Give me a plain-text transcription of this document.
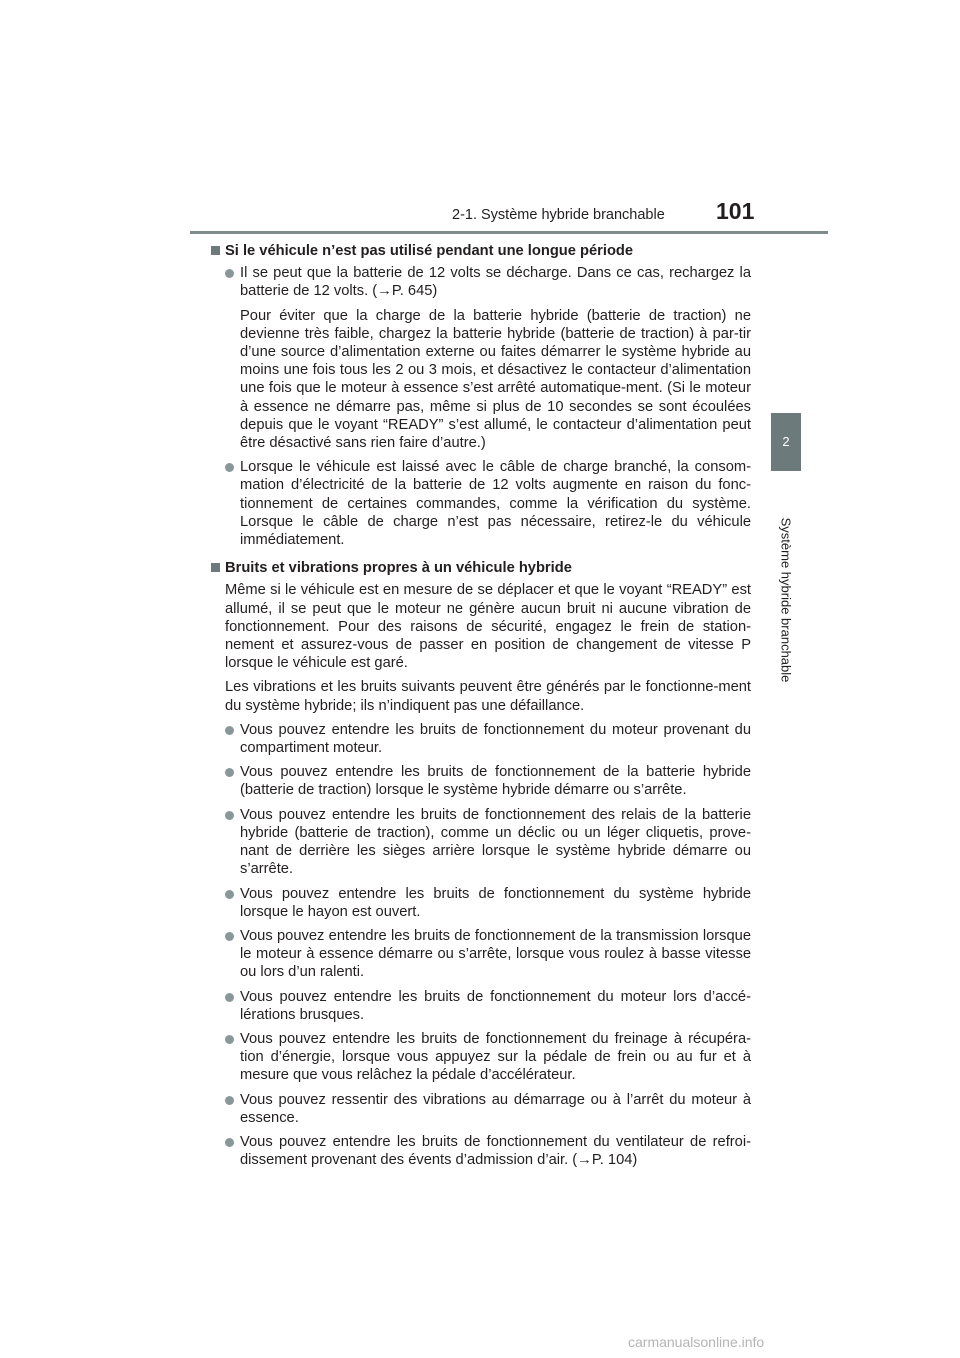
2-1. Système hybride branchable 101
2
Système hybride branchable
Si le véhicule n’est pas utilisé pendant une longue période
Il se peut que la batterie de 12 volts se décharge. Dans ce cas, rechargez la batterie de 12 volts. (→P. 645)
Pour éviter que la charge de la batterie hybride (batterie de traction) ne devienne très faible, chargez la batterie hybride (batterie de traction) à par-tir d’une source d’alimentation externe ou faites démarrer le système hybride au moins une fois tous les 2 ou 3 mois, et désactivez le contacteur d’alimentation une fois que le moteur à essence s’est arrêté automatique-ment. (Si le moteur à essence ne démarre pas, même si plus de 10 secondes se sont écoulées depuis que le voyant “READY” s’est allumé, le contacteur d’alimentation peut être désactivé sans rien faire d’autre.)
Lorsque le véhicule est laissé avec le câble de charge branché, la consom-mation d’électricité de la batterie de 12 volts augmente en raison du fonc-tionnement de certaines commandes, comme la vérification du système. Lorsque le câble de charge n’est pas nécessaire, retirez-le du véhicule immédiatement.
Bruits et vibrations propres à un véhicule hybride
Même si le véhicule est en mesure de se déplacer et que le voyant “READY” est allumé, il se peut que le moteur ne génère aucun bruit ni aucune vibration de fonctionnement. Pour des raisons de sécurité, engagez le frein de station-nement et assurez-vous de passer en position de changement de vitesse P lorsque le véhicule est garé.
Les vibrations et les bruits suivants peuvent être générés par le fonctionne-ment du système hybride; ils n’indiquent pas une défaillance.
Vous pouvez entendre les bruits de fonctionnement du moteur provenant du compartiment moteur.
Vous pouvez entendre les bruits de fonctionnement de la batterie hybride (batterie de traction) lorsque le système hybride démarre ou s’arrête.
Vous pouvez entendre les bruits de fonctionnement des relais de la batterie hybride (batterie de traction), comme un déclic ou un léger cliquetis, prove-nant de derrière les sièges arrière lorsque le système hybride démarre ou s’arrête.
Vous pouvez entendre les bruits de fonctionnement du système hybride lorsque le hayon est ouvert.
Vous pouvez entendre les bruits de fonctionnement de la transmission lorsque le moteur à essence démarre ou s’arrête, lorsque vous roulez à basse vitesse ou lors d’un ralenti.
Vous pouvez entendre les bruits de fonctionnement du moteur lors d’accé-lérations brusques.
Vous pouvez entendre les bruits de fonctionnement du freinage à récupéra-tion d’énergie, lorsque vous appuyez sur la pédale de frein ou au fur et à mesure que vous relâchez la pédale d’accélérateur.
Vous pouvez ressentir des vibrations au démarrage ou à l’arrêt du moteur à essence.
Vous pouvez entendre les bruits de fonctionnement du ventilateur de refroi-dissement provenant des évents d’admission d’air. (→P. 104)
carmanualsonline.info
